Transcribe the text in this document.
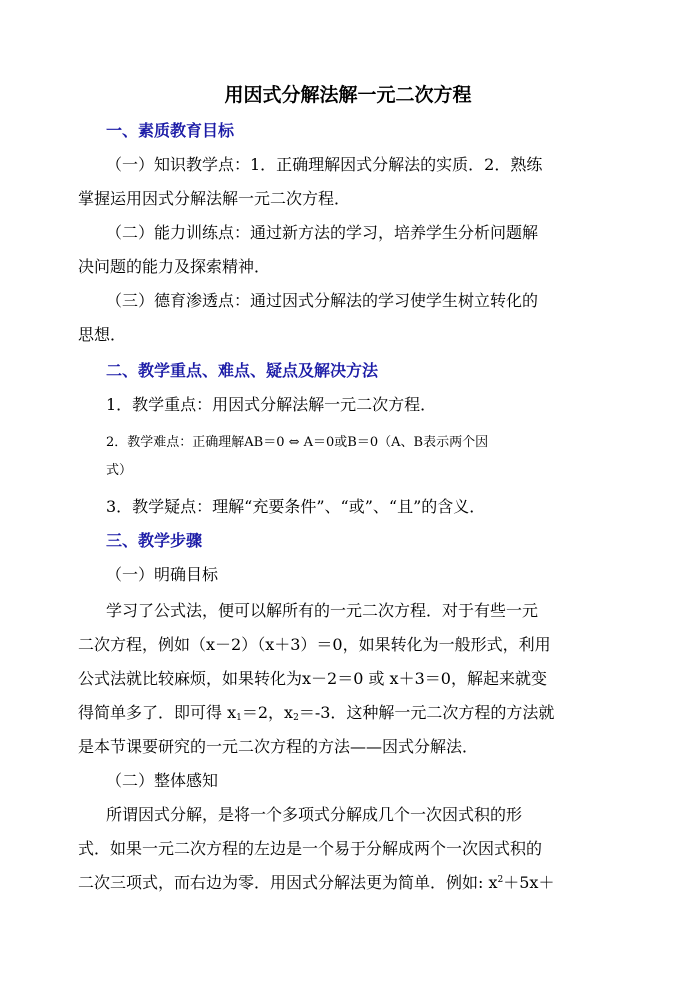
用因式分解法解一元二次方程
一、素质教育目标
（一）知识教学点：1．正确理解因式分解法的实质．2．熟练
掌握运用因式分解法解一元二次方程．
（二）能力训练点：通过新方法的学习，培养学生分析问题解
决问题的能力及探索精神．
（三）德育渗透点：通过因式分解法的学习使学生树立转化的
思想．
二、教学重点、难点、疑点及解决方法
1．教学重点：用因式分解法解一元二次方程．
2．教学难点：正确理解AB＝0 ⇔ A＝0或B＝0（A、B表示两个因
式）
3．教学疑点：理解“充要条件”、“或”、“且”的含义．
三、教学步骤
（一）明确目标
学习了公式法，便可以解所有的一元二次方程．对于有些一元
二次方程，例如（x－2）（x＋3）＝0，如果转化为一般形式，利用
公式法就比较麻烦，如果转化为x－2＝0 或 x＋3＝0，解起来就变
得简单多了．即可得 $x_1=2$，$x_2=-3$．这种解一元二次方程的方法就
是本节课要研究的一元二次方程的方法——因式分解法．
（二）整体感知
所谓因式分解，是将一个多项式分解成几个一次因式积的形
式．如果一元二次方程的左边是一个易于分解成两个一次因式积的
二次三项式，而右边为零．用因式分解法更为简单．例如: $x^2+5x+$
